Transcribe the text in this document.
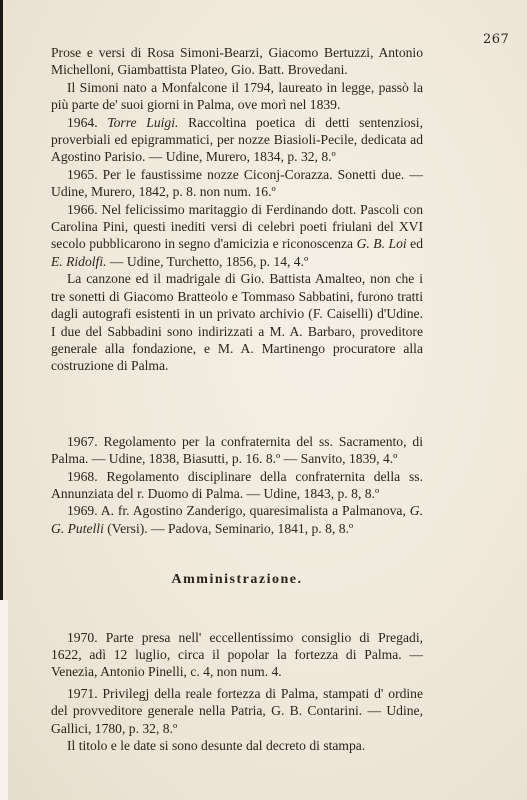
267

Prose e versi di Rosa Simoni-Bearzi, Giacomo Bertuzzi, Antonio Michelloni, Giambattista Plateo, Gio. Batt. Brovedani.

Il Simoni nato a Monfalcone il 1794, laureato in legge, passò la più parte de' suoi giorni in Palma, ove morì nel 1839.

1964. Torre Luigi. Raccoltina poetica di detti sentenziosi, proverbiali ed epigrammatici, per nozze Biasioli-Pecile, dedicata ad Agostino Parisio. — Udine, Murero, 1834, p. 32, 8.º

1965. Per le faustissime nozze Ciconj-Corazza. Sonetti due. — Udine, Murero, 1842, p. 8. non num. 16.º

1966. Nel felicissimo maritaggio di Ferdinando dott. Pascoli con Carolina Pini, questi inediti versi di celebri poeti friulani del XVI secolo pubblicarono in segno d'amicizia e riconoscenza G. B. Loi ed E. Ridolfi. — Udine, Turchetto, 1856, p. 14, 4.º

La canzone ed il madrigale di Gio. Battista Amalteo, non che i tre sonetti di Giacomo Bratteolo e Tommaso Sabbatini, furono tratti dagli autografi esistenti in un privato archivio (F. Caiselli) d'Udine. I due del Sabbadini sono indirizzati a M. A. Barbaro, proveditore generale alla fondazione, e M. A. Martinengo procuratore alla costruzione di Palma.

1967. Regolamento per la confraternita del ss. Sacramento, di Palma. — Udine, 1838, Biasutti, p. 16. 8.º — Sanvito, 1839, 4.º

1968. Regolamento disciplinare della confraternita della ss. Annunziata del r. Duomo di Palma. — Udine, 1843, p. 8, 8.º

1969. A. fr. Agostino Zanderigo, quaresimalista a Palmanova, G. G. Putelli (Versi). — Padova, Seminario, 1841, p. 8, 8.º

Amministrazione.

1970. Parte presa nell' eccellentissimo consiglio di Pregadi, 1622, adì 12 luglio, circa il popolar la fortezza di Palma. — Venezia, Antonio Pinelli, c. 4, non num. 4.

1971. Privilegj della reale fortezza di Palma, stampati d' ordine del provveditore generale nella Patria, G. B. Contarini. — Udine, Gallici, 1780, p. 32, 8.º

Il titolo e le date si sono desunte dal decreto di stampa.
